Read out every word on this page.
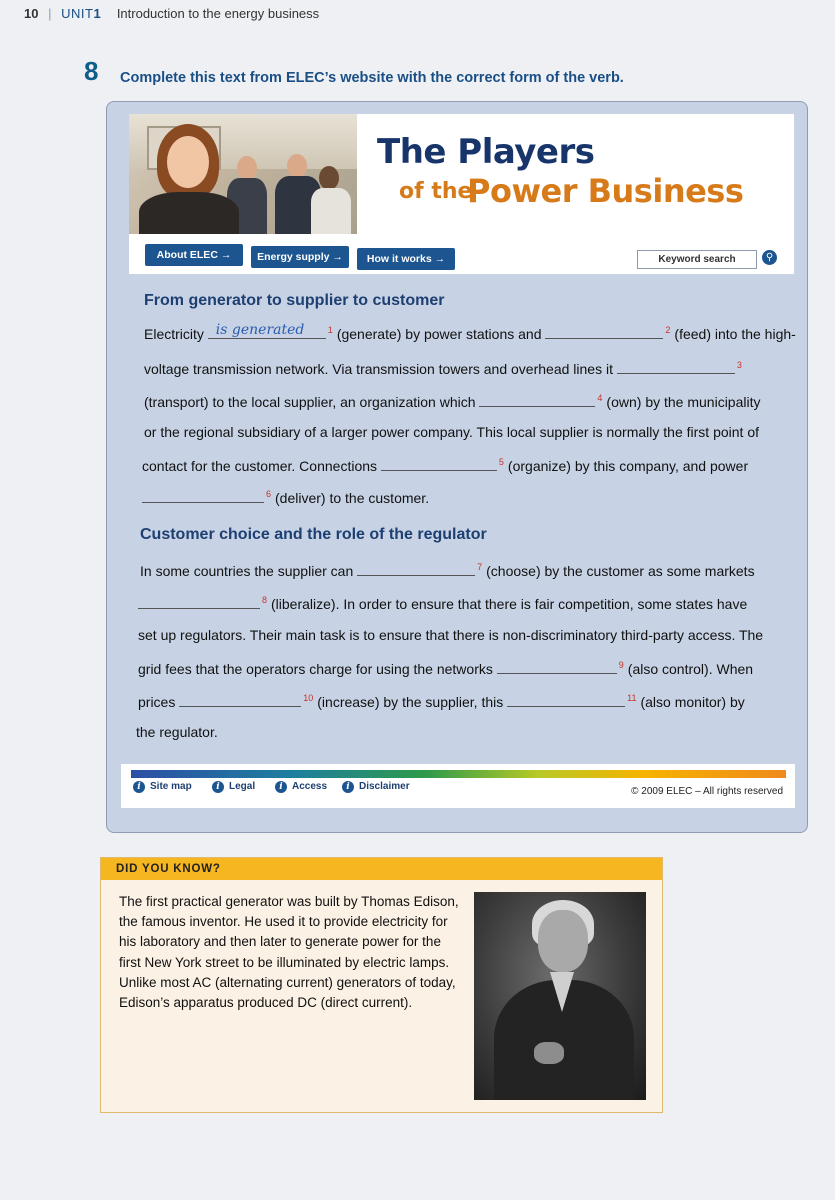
10 | UNIT1 Introduction to the energy business
8 Complete this text from ELEC’s website with the correct form of the verb.
The Players
of the
Power Business
About ELEC →	Energy supply →	How it works →	Keyword search	⚲
From generator to supplier to customer
Electricity is generated	$^1$ (generate) by power stations and	$^2$ (feed) into the high-
voltage transmission network. Via transmission towers and overhead lines it	$^3$
(transport) to the local supplier, an organization which	$^4$ (own) by the municipality
or the regional subsidiary of a larger power company. This local supplier is normally the first point of
contact for the customer. Connections	$^5$ (organize) by this company, and power
$^6$ (deliver) to the customer.
Customer choice and the role of the regulator
In some countries the supplier can	$^7$ (choose) by the customer as some markets
$^8$ (liberalize). In order to ensure that there is fair competition, some states have
set up regulators. Their main task is to ensure that there is non-discriminatory third-party access. The
grid fees that the operators charge for using the networks	$^9$ (also control). When
prices	$^{10}$ (increase) by the supplier, this	$^{11}$ (also monitor) by
the regulator.
i Site map	i Legal	i Access	i Disclaimer	© 2009 ELEC – All rights reserved
DID YOU KNOW?
The first practical generator was built by Thomas Edison, the famous inventor. He used it to provide electricity for his laboratory and then later to generate power for the first New York street to be illuminated by electric lamps. Unlike most AC (alternating current) generators of today, Edison’s apparatus produced DC (direct current).
